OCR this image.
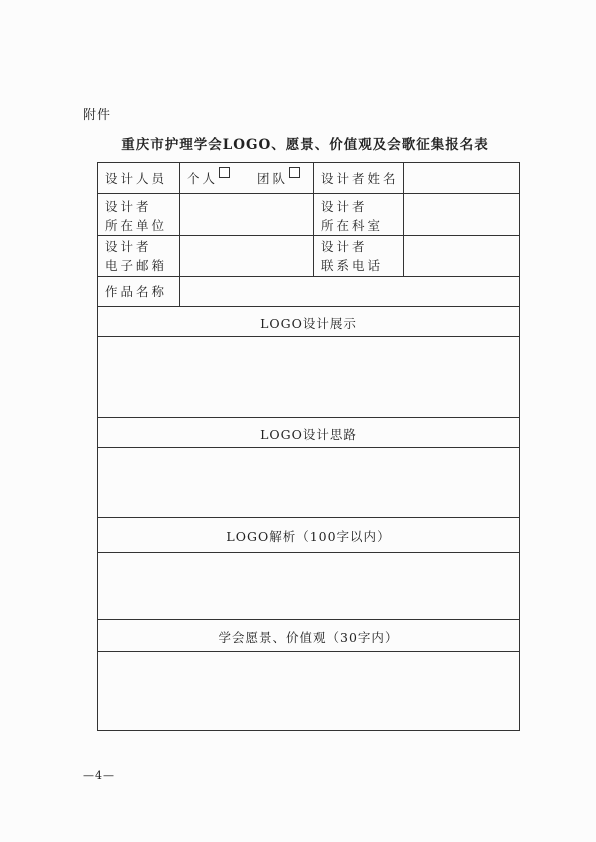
附件
重庆市护理学会LOGO、愿景、价值观及会歌征集报名表
设计人员 个人	团队	设计者姓名
设计者
所在单位
设计者
所在科室
设计者
电子邮箱
设计者
联系电话
作品名称
LOGO设计展示
LOGO设计思路
LOGO解析（100字以内）
学会愿景、价值观（30字内）
—4—
